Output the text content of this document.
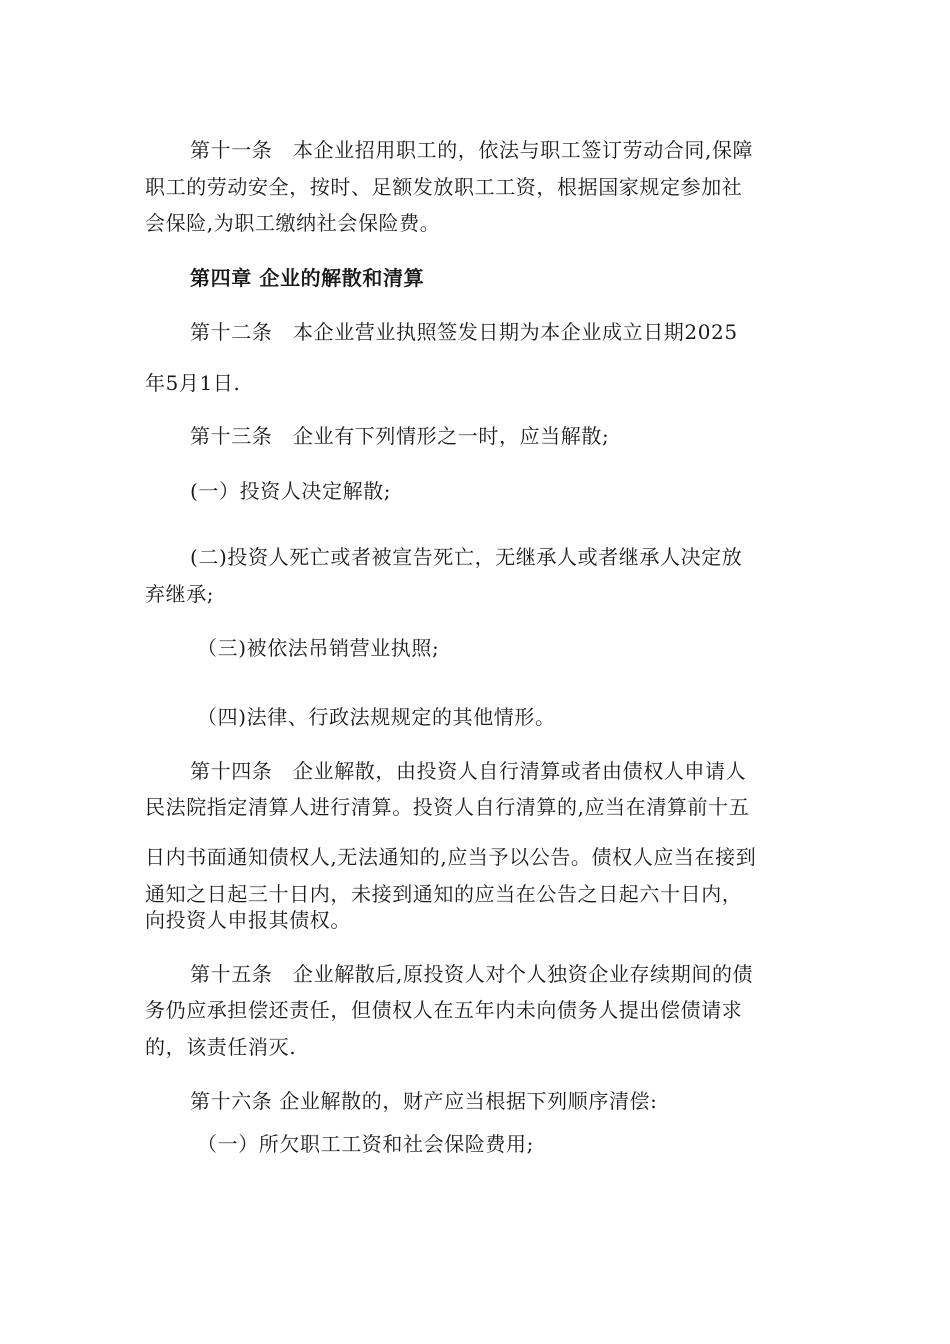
第十一条　本企业招用职工的，依法与职工签订劳动合同,保障
职工的劳动安全，按时、足额发放职工工资，根据国家规定参加社
会保险,为职工缴纳社会保险费。
第四章 企业的解散和清算
第十二条　本企业营业执照签发日期为本企业成立日期2025
年5月1日.
第十三条　企业有下列情形之一时，应当解散;
(一）投资人决定解散;
(二)投资人死亡或者被宣告死亡，无继承人或者继承人决定放
弃继承;
（三)被依法吊销营业执照;
（四)法律、行政法规规定的其他情形。
第十四条　企业解散，由投资人自行清算或者由债权人申请人
民法院指定清算人进行清算。投资人自行清算的,应当在清算前十五
日内书面通知债权人,无法通知的,应当予以公告。债权人应当在接到
通知之日起三十日内，未接到通知的应当在公告之日起六十日内，
向投资人申报其债权。
第十五条　企业解散后,原投资人对个人独资企业存续期间的债
务仍应承担偿还责任，但债权人在五年内未向债务人提出偿债请求
的，该责任消灭.
第十六条 企业解散的，财产应当根据下列顺序清偿:
（一）所欠职工工资和社会保险费用;
